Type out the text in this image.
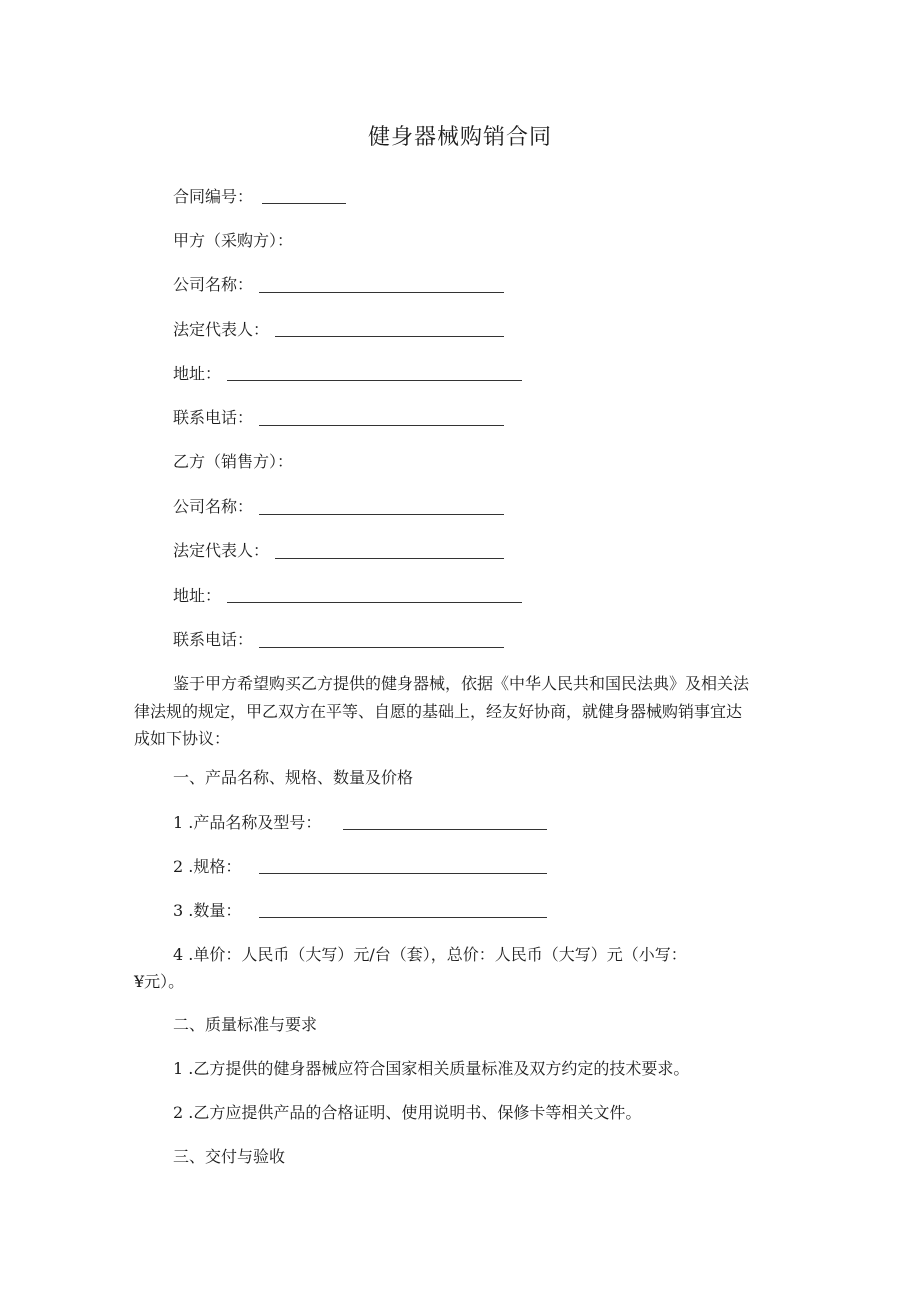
健身器械购销合同
合同编号：
甲方（采购方）：
公司名称：
法定代表人：
地址：
联系电话：
乙方（销售方）：
公司名称：
法定代表人：
地址：
联系电话：
鉴于甲方希望购买乙方提供的健身器械，依据《中华人民共和国民法典》及相关法
律法规的规定，甲乙双方在平等、自愿的基础上，经友好协商，就健身器械购销事宜达
成如下协议：
一、产品名称、规格、数量及价格
1 .产品名称及型号：
2 .规格：
3 .数量：
4 .单价：人民币（大写）元/台（套），总价：人民币（大写）元（小写：
¥元）。
二、质量标准与要求
1 .乙方提供的健身器械应符合国家相关质量标准及双方约定的技术要求。
2 .乙方应提供产品的合格证明、使用说明书、保修卡等相关文件。
三、交付与验收
